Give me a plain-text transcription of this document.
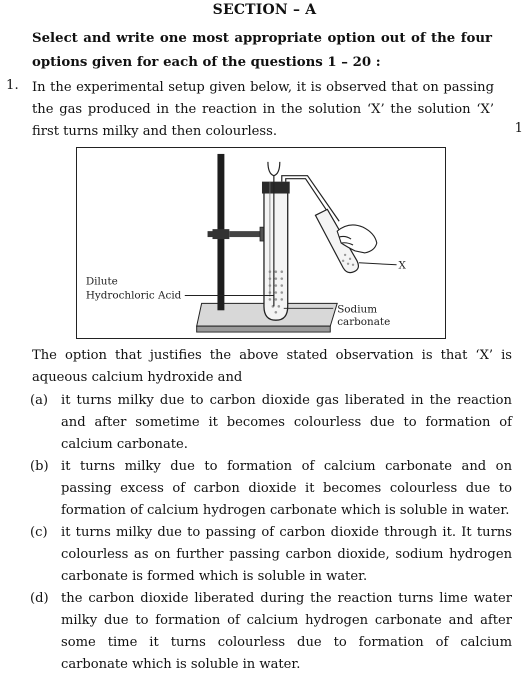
SECTION – A
Select and write one most appropriate option out of the four options given for each of the questions 1 – 20 :
1. In the experimental setup given below, it is observed that on passing the gas produced in the reaction in the solution ‘X’ the solution ‘X’ first turns milky and then colourless.	1
X
Dilute
Hydrochloric Acid
Sodium
carbonate
The option that justifies the above stated observation is that ‘X’ is aqueous calcium hydroxide and
(a) it turns milky due to carbon dioxide gas liberated in the reaction and after sometime it becomes colourless due to formation of calcium carbonate.
(b) it turns milky due to formation of calcium carbonate and on passing excess of carbon dioxide it becomes colourless due to formation of calcium hydrogen carbonate which is soluble in water.
(c) it turns milky due to passing of carbon dioxide through it. It turns colourless as on further passing carbon dioxide, sodium hydrogen carbonate is formed which is soluble in water.
(d) the carbon dioxide liberated during the reaction turns lime water milky due to formation of calcium hydrogen carbonate and after some time it turns colourless due to formation of calcium carbonate which is soluble in water.
